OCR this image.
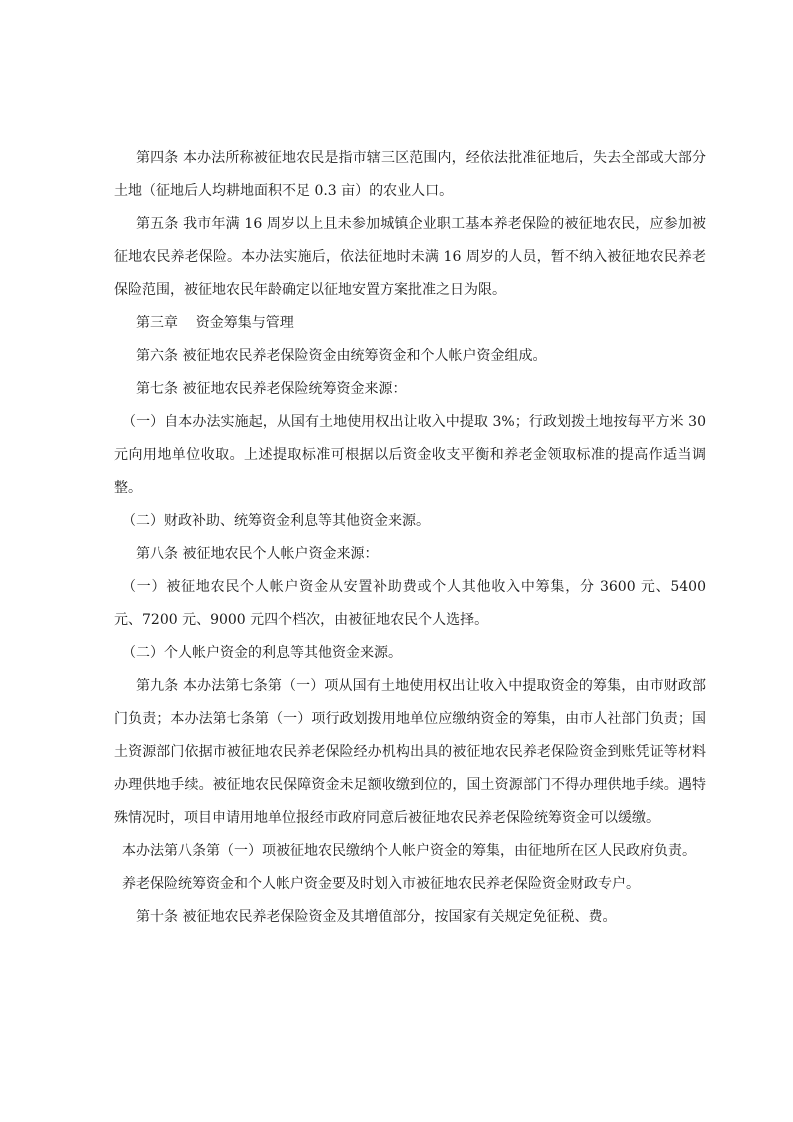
第四条 本办法所称被征地农民是指市辖三区范围内，经依法批准征地后，失去全部或大部分土地（征地后人均耕地面积不足 0.3 亩）的农业人口。

第五条 我市年满 16 周岁以上且未参加城镇企业职工基本养老保险的被征地农民，应参加被征地农民养老保险。本办法实施后，依法征地时未满 16 周岁的人员，暂不纳入被征地农民养老保险范围，被征地农民年龄确定以征地安置方案批准之日为限。

第三章    资金筹集与管理

第六条 被征地农民养老保险资金由统筹资金和个人帐户资金组成。

第七条 被征地农民养老保险统筹资金来源：

（一）自本办法实施起，从国有土地使用权出让收入中提取 3%；行政划拨土地按每平方米 30 元向用地单位收取。上述提取标准可根据以后资金收支平衡和养老金领取标准的提高作适当调整。

（二）财政补助、统筹资金利息等其他资金来源。

第八条 被征地农民个人帐户资金来源：

（一）被征地农民个人帐户资金从安置补助费或个人其他收入中筹集，分 3600 元、5400 元、7200 元、9000 元四个档次，由被征地农民个人选择。

（二）个人帐户资金的利息等其他资金来源。

第九条 本办法第七条第（一）项从国有土地使用权出让收入中提取资金的筹集，由市财政部门负责；本办法第七条第（一）项行政划拨用地单位应缴纳资金的筹集，由市人社部门负责；国土资源部门依据市被征地农民养老保险经办机构出具的被征地农民养老保险资金到账凭证等材料办理供地手续。被征地农民保障资金未足额收缴到位的，国土资源部门不得办理供地手续。遇特殊情况时，项目申请用地单位报经市政府同意后被征地农民养老保险统筹资金可以缓缴。

本办法第八条第（一）项被征地农民缴纳个人帐户资金的筹集，由征地所在区人民政府负责。

养老保险统筹资金和个人帐户资金要及时划入市被征地农民养老保险资金财政专户。

第十条 被征地农民养老保险资金及其增值部分，按国家有关规定免征税、费。
